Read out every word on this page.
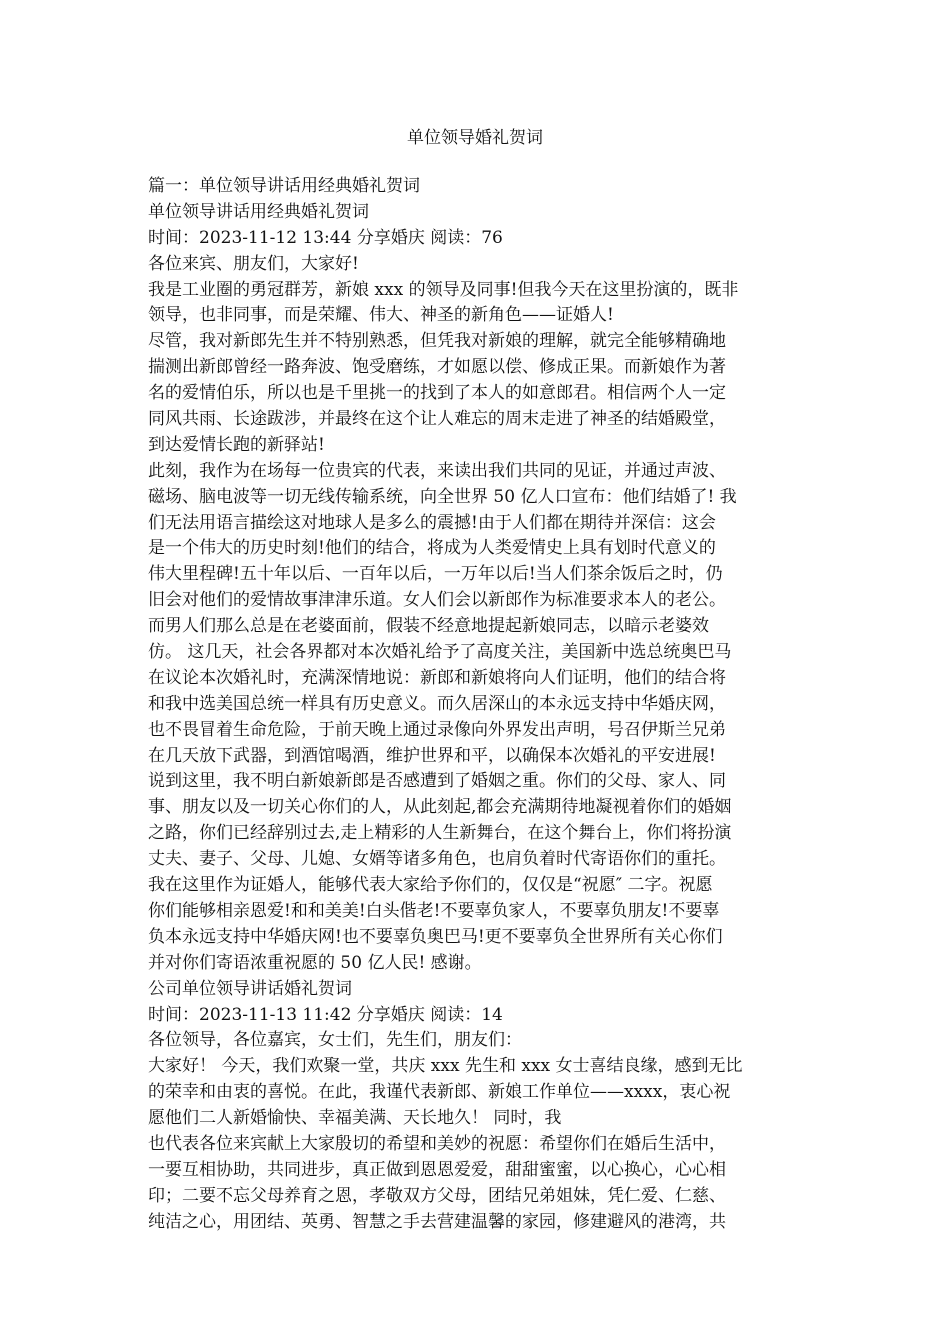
单位领导婚礼贺词
篇一：单位领导讲话用经典婚礼贺词
单位领导讲话用经典婚礼贺词
时间：2023-11-12 13:44 分享婚庆 阅读：76
各位来宾、朋友们，大家好!
我是工业圈的勇冠群芳，新娘 xxx 的领导及同事!但我今天在这里扮演的，既非
领导，也非同事，而是荣耀、伟大、神圣的新角色——证婚人!
尽管，我对新郎先生并不特别熟悉，但凭我对新娘的理解，就完全能够精确地
揣测出新郎曾经一路奔波、饱受磨练，才如愿以偿、修成正果。而新娘作为著
名的爱情伯乐，所以也是千里挑一的找到了本人的如意郎君。相信两个人一定
同风共雨、长途跋涉，并最终在这个让人难忘的周末走进了神圣的结婚殿堂，
到达爱情长跑的新驿站!
此刻，我作为在场每一位贵宾的代表，来读出我们共同的见证，并通过声波、
磁场、脑电波等一切无线传输系统，向全世界 50 亿人口宣布：他们结婚了! 我
们无法用语言描绘这对地球人是多么的震撼!由于人们都在期待并深信：这会
是一个伟大的历史时刻!他们的结合，将成为人类爱情史上具有划时代意义的
伟大里程碑!五十年以后、一百年以后，一万年以后!当人们茶余饭后之时，仍
旧会对他们的爱情故事津津乐道。女人们会以新郎作为标准要求本人的老公。
而男人们那么总是在老婆面前，假装不经意地提起新娘同志，以暗示老婆效
仿。 这几天，社会各界都对本次婚礼给予了高度关注，美国新中选总统奥巴马
在议论本次婚礼时，充满深情地说：新郎和新娘将向人们证明，他们的结合将
和我中选美国总统一样具有历史意义。而久居深山的本永远支持中华婚庆网，
也不畏冒着生命危险，于前天晚上通过录像向外界发出声明，号召伊斯兰兄弟
在几天放下武器，到酒馆喝酒，维护世界和平，以确保本次婚礼的平安进展!
说到这里，我不明白新娘新郎是否感遭到了婚姻之重。你们的父母、家人、同
事、朋友以及一切关心你们的人，从此刻起,都会充满期待地凝视着你们的婚姻
之路，你们已经辞别过去,走上精彩的人生新舞台，在这个舞台上，你们将扮演
丈夫、妻子、父母、儿媳、女婿等诸多角色，也肩负着时代寄语你们的重托。
我在这里作为证婚人，能够代表大家给予你们的，仅仅是“祝愿″ 二字。祝愿
你们能够相亲恩爱!和和美美!白头偕老!不要辜负家人，不要辜负朋友!不要辜
负本永远支持中华婚庆网!也不要辜负奥巴马!更不要辜负全世界所有关心你们
并对你们寄语浓重祝愿的 50 亿人民! 感谢。
公司单位领导讲话婚礼贺词
时间：2023-11-13 11:42 分享婚庆 阅读：14
各位领导，各位嘉宾，女士们，先生们，朋友们：
大家好！ 今天，我们欢聚一堂，共庆 xxx 先生和 xxx 女士喜结良缘，感到无比
的荣幸和由衷的喜悦。在此，我谨代表新郎、新娘工作单位——xxxx，衷心祝
愿他们二人新婚愉快、幸福美满、天长地久！ 同时，我
也代表各位来宾献上大家殷切的希望和美妙的祝愿：希望你们在婚后生活中，
一要互相协助，共同进步，真正做到恩恩爱爱，甜甜蜜蜜，以心换心，心心相
印；二要不忘父母养育之恩，孝敬双方父母，团结兄弟姐妹，凭仁爱、仁慈、
纯洁之心，用团结、英勇、智慧之手去营建温馨的家园，修建避风的港湾，共
